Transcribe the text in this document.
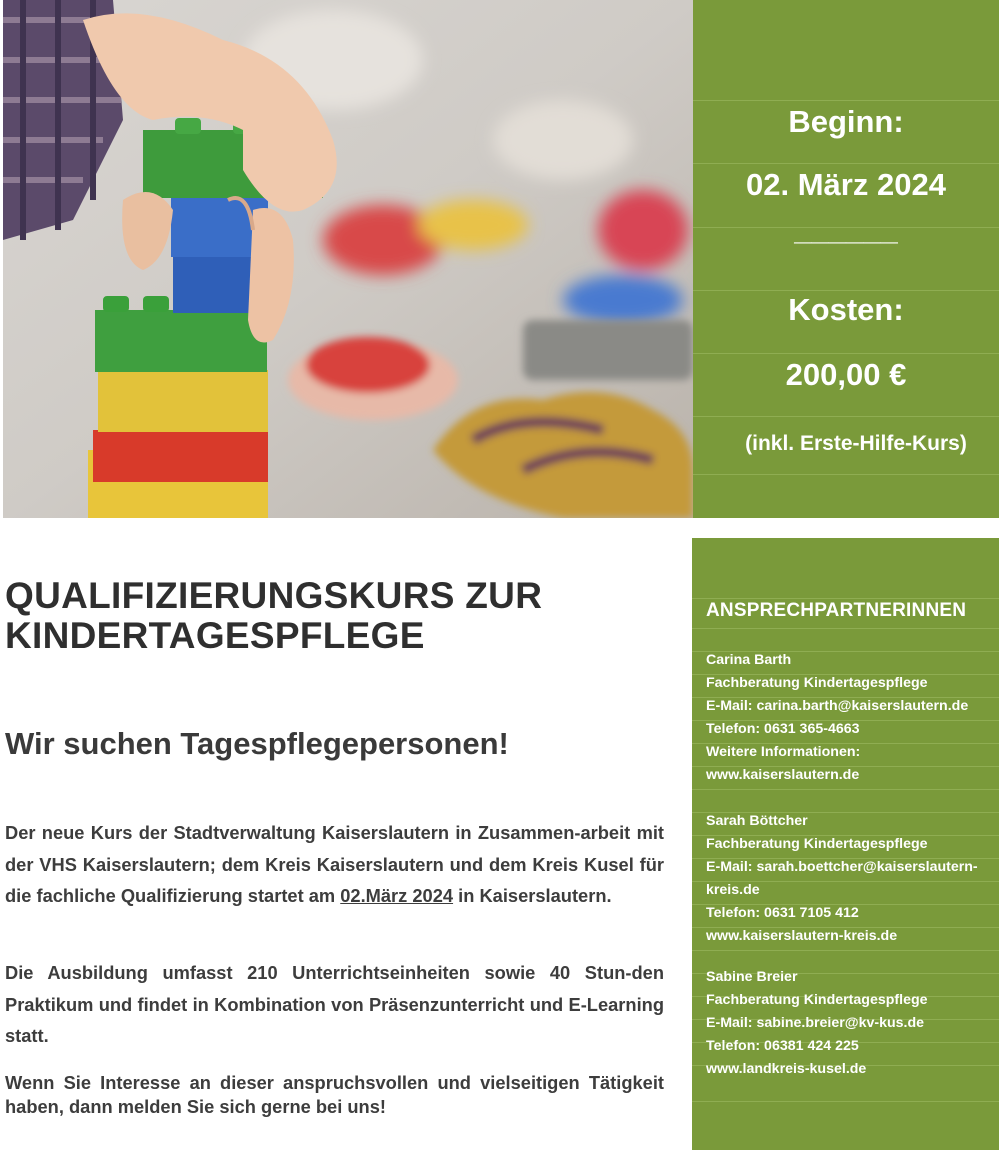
Beginn:
02. März 2024
______
Kosten:
200,00 €
(inkl. Erste-Hilfe-Kurs)
QUALIFIZIERUNGSKURS ZUR
KINDERTAGESPFLEGE
Wir suchen Tagespflegepersonen!

Der neue Kurs der Stadtverwaltung Kaiserslautern in Zusammen-arbeit mit der VHS Kaiserslautern; dem Kreis Kaiserslautern und dem Kreis Kusel für die fachliche Qualifizierung startet am 02.März 2024 in Kaiserslautern.

Die Ausbildung umfasst 210 Unterrichtseinheiten sowie 40 Stun-den Praktikum und findet in Kombination von Präsenzunterricht und E-Learning statt.

Wenn Sie Interesse an dieser anspruchsvollen und vielseitigen Tätigkeit haben, dann melden Sie sich gerne bei uns!

ANSPRECHPARTNERINNEN
Carina Barth
Fachberatung Kindertagespflege
E-Mail: carina.barth@kaiserslautern.de
Telefon: 0631 365-4663
Weitere Informationen:
www.kaiserslautern.de
Sarah Böttcher
Fachberatung Kindertagespflege
E-Mail: sarah.boettcher@kaiserslautern-
kreis.de
Telefon: 0631 7105 412
www.kaiserslautern-kreis.de
Sabine Breier
Fachberatung Kindertagespflege
E-Mail: sabine.breier@kv-kus.de
Telefon: 06381 424 225
www.landkreis-kusel.de
